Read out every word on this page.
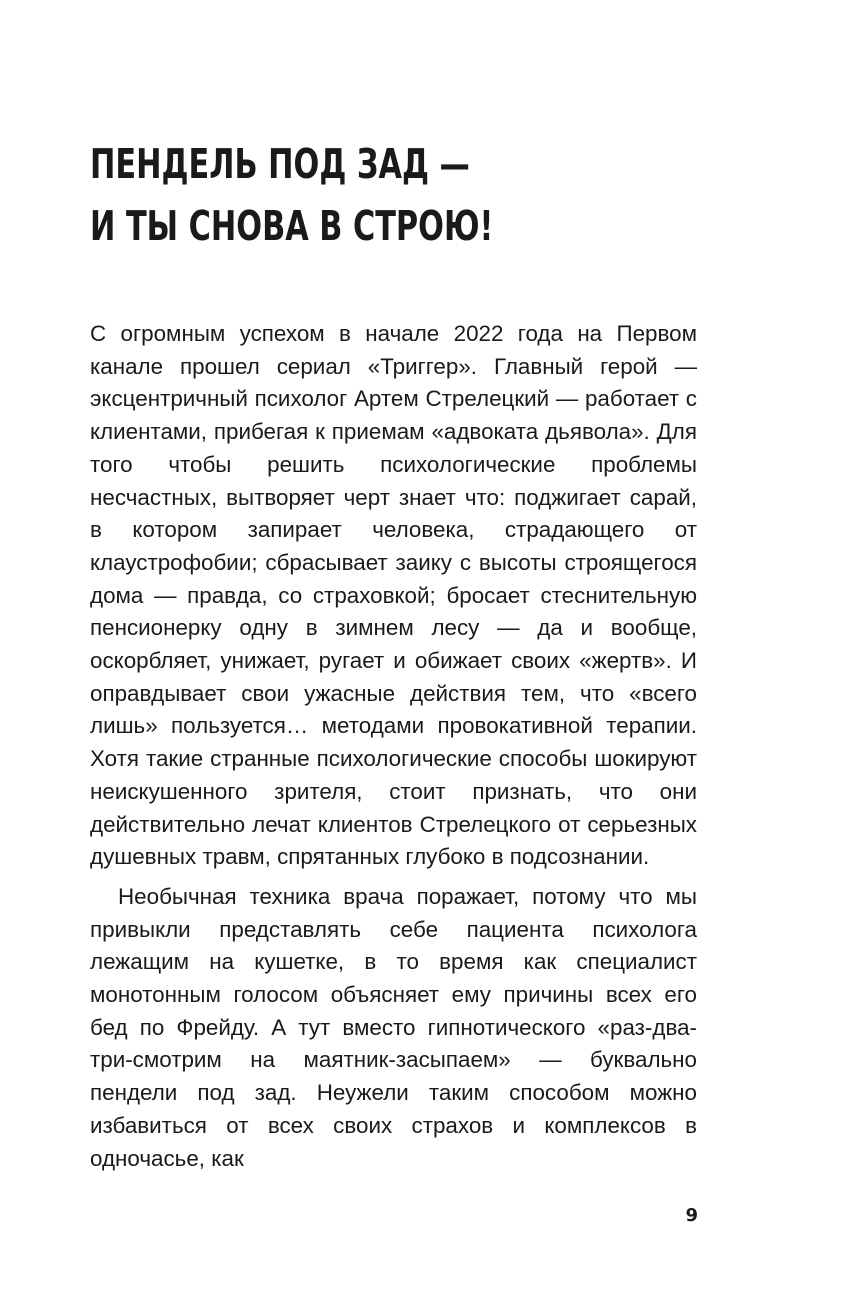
ПЕНДЕЛЬ ПОД ЗАД —
И ТЫ СНОВА В СТРОЮ!

С огромным успехом в начале 2022 года на Первом канале прошел сериал «Триггер». Главный герой — эксцентричный психолог Артем Стрелецкий — работает с клиентами, прибегая к приемам «адвоката дьявола». Для того чтобы решить психологические проблемы несчастных, вытворяет черт знает что: поджигает сарай, в котором запирает человека, страдающего от клаустрофобии; сбрасывает заику с высоты строящегося дома — правда, со страховкой; бросает стеснительную пенсионерку одну в зимнем лесу — да и вообще, оскорбляет, унижает, ругает и обижает своих «жертв». И оправдывает свои ужасные действия тем, что «всего лишь» пользуется… методами провокативной терапии. Хотя такие странные психологические способы шокируют неискушенного зрителя, стоит признать, что они действительно лечат клиентов Стрелецкого от серьезных душевных травм, спрятанных глубоко в подсознании.

Необычная техника врача поражает, потому что мы привыкли представлять себе пациента психолога лежащим на кушетке, в то время как специалист монотонным голосом объясняет ему причины всех его бед по Фрейду. А тут вместо гипнотического «раз-два-три-смотрим на маятник-засыпаем» — буквально пендели под зад. Неужели таким способом можно избавиться от всех своих страхов и комплексов в одночасье, как

9
